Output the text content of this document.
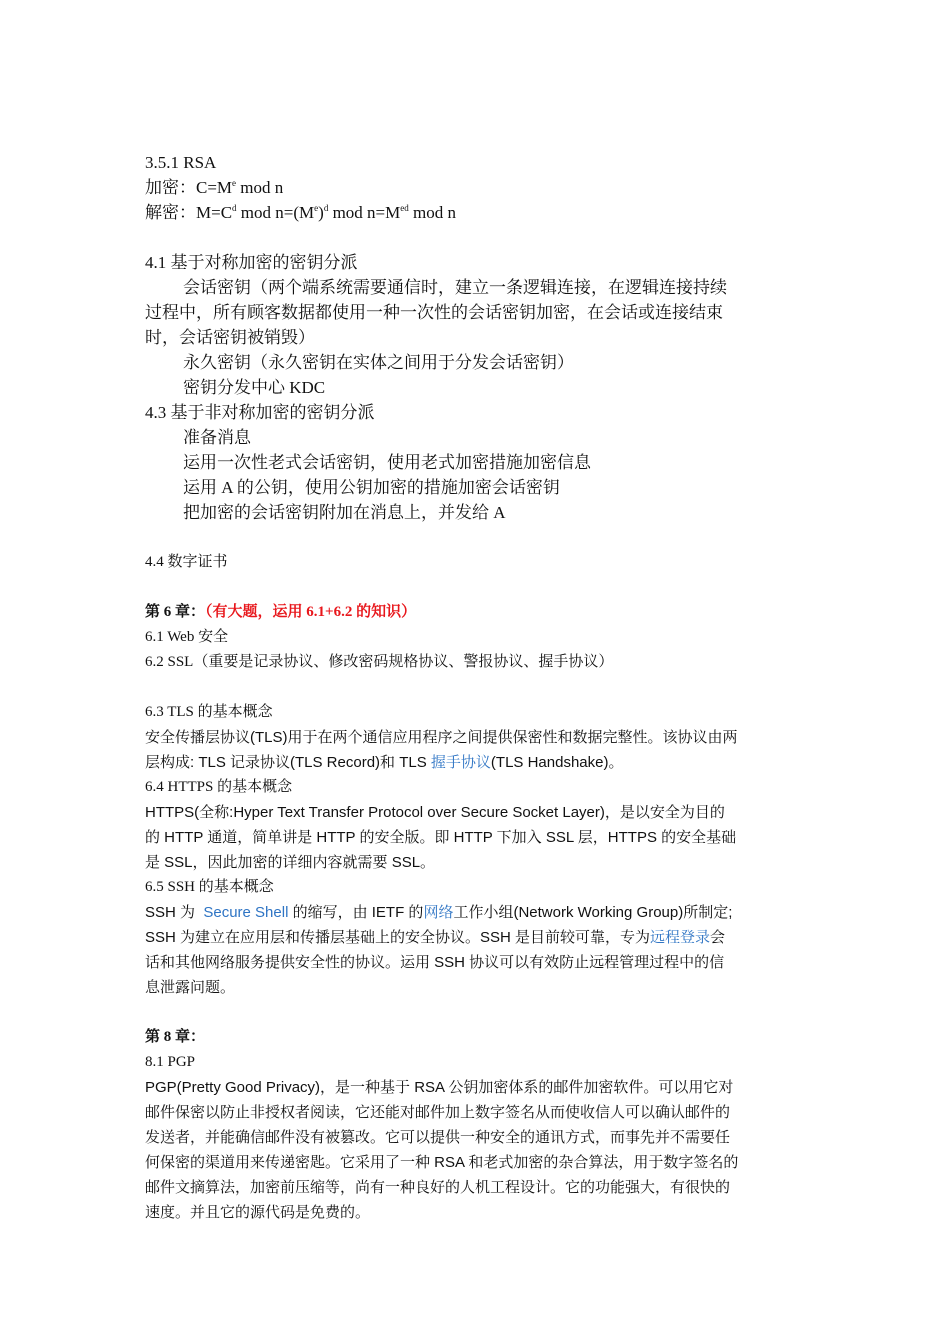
3.5.1 RSA
加密：$C=M^e$ mod n
解密：$M=C^d$ mod $n=(M^e)^d$ mod $n=M^{ed}$ mod n
4.1 基于对称加密的密钥分派
会话密钥（两个端系统需要通信时，建立一条逻辑连接，在逻辑连接持续
过程中，所有顾客数据都使用一种一次性的会话密钥加密，在会话或连接结束
时，会话密钥被销毁）
永久密钥（永久密钥在实体之间用于分发会话密钥）
密钥分发中心 KDC
4.3 基于非对称加密的密钥分派
准备消息
运用一次性老式会话密钥，使用老式加密措施加密信息
运用 A 的公钥，使用公钥加密的措施加密会话密钥
把加密的会话密钥附加在消息上，并发给 A
4.4 数字证书
第 6 章：（有大题，运用 6.1+6.2 的知识）
6.1 Web 安全
6.2 SSL（重要是记录协议、修改密码规格协议、警报协议、握手协议）
6.3 TLS 的基本概念
安全传播层协议(TLS)用于在两个通信应用程序之间提供保密性和数据完整性。该协议由两
层构成: TLS 记录协议(TLS Record)和 TLS 握手协议(TLS Handshake)。
6.4 HTTPS 的基本概念
HTTPS(全称:Hyper Text Transfer Protocol over Secure Socket Layer)，是以安全为目的
的 HTTP 通道，简单讲是 HTTP 的安全版。即 HTTP 下加入 SSL 层，HTTPS 的安全基础
是 SSL，因此加密的详细内容就需要 SSL。
6.5 SSH 的基本概念
SSH 为  Secure Shell 的缩写，由 IETF 的网络工作小组(Network Working Group)所制定;
SSH 为建立在应用层和传播层基础上的安全协议。SSH 是目前较可靠，专为远程登录会
话和其他网络服务提供安全性的协议。运用 SSH 协议可以有效防止远程管理过程中的信
息泄露问题。
第 8 章：
8.1 PGP
PGP(Pretty Good Privacy)，是一种基于 RSA 公钥加密体系的邮件加密软件。可以用它对
邮件保密以防止非授权者阅读，它还能对邮件加上数字签名从而使收信人可以确认邮件的
发送者，并能确信邮件没有被篡改。它可以提供一种安全的通讯方式，而事先并不需要任
何保密的渠道用来传递密匙。它采用了一种 RSA 和老式加密的杂合算法，用于数字签名的
邮件文摘算法，加密前压缩等，尚有一种良好的人机工程设计。它的功能强大，有很快的
速度。并且它的源代码是免费的。
